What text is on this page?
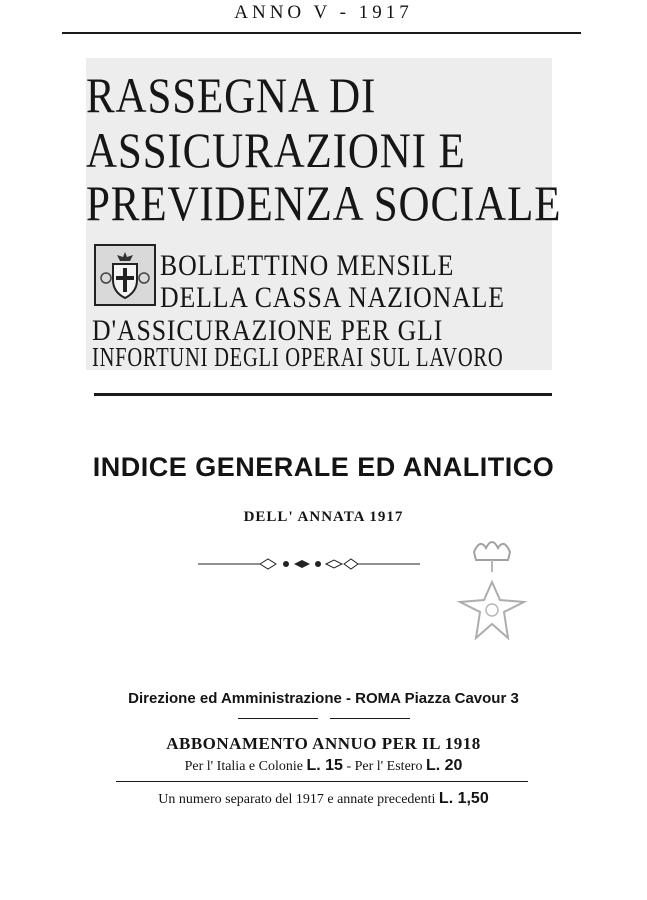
ANNO V - 1917
RASSEGNA DI
ASSICURAZIONI E
PREVIDENZA SOCIALE
BOLLETTINO MENSILE
DELLA CASSA NAZIONALE
D'ASSICURAZIONE PER GLI
INFORTUNI DEGLI OPERAI SUL LAVORO
INDICE GENERALE ED ANALITICO
DELL' ANNATA 1917
Direzione ed Amministrazione - ROMA Piazza Cavour 3
ABBONAMENTO ANNUO PER IL 1918
Per l' Italia e Colonie L. 15 - Per l' Estero L. 20
Un numero separato del 1917 e annate precedenti L. 1,50
